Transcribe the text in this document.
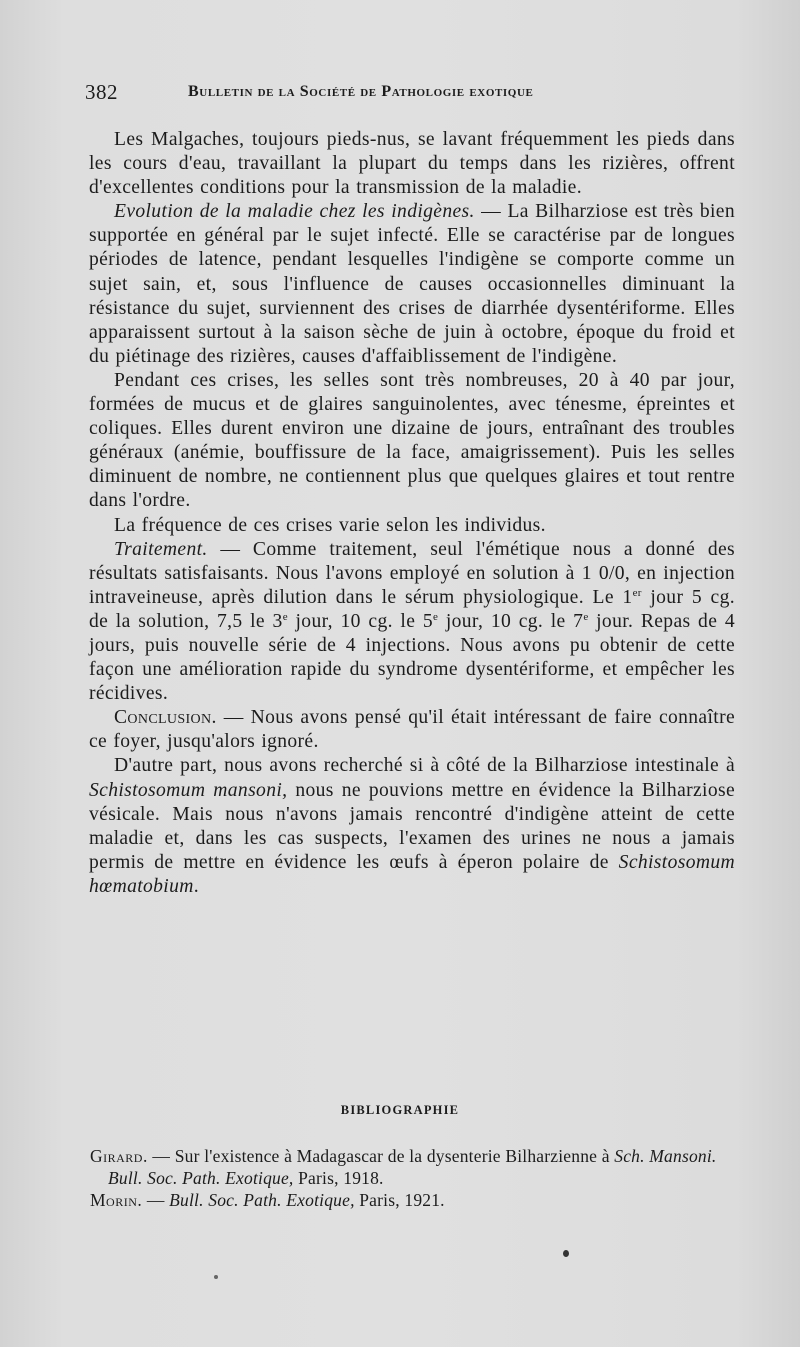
382	Bulletin de la Société de Pathologie exotique

Les Malgaches, toujours pieds-nus, se lavant fréquemment les pieds dans les cours d'eau, travaillant la plupart du temps dans les rizières, offrent d'excellentes conditions pour la transmission de la maladie.

Evolution de la maladie chez les indigènes. — La Bilharziose est très bien supportée en général par le sujet infecté. Elle se caractérise par de longues périodes de latence, pendant lesquelles l'indigène se comporte comme un sujet sain, et, sous l'influence de causes occasionnelles diminuant la résistance du sujet, surviennent des crises de diarrhée dysentériforme. Elles apparaissent surtout à la saison sèche de juin à octobre, époque du froid et du piétinage des rizières, causes d'affaiblissement de l'indigène.

Pendant ces crises, les selles sont très nombreuses, 20 à 40 par jour, formées de mucus et de glaires sanguinolentes, avec ténesme, épreintes et coliques. Elles durent environ une dizaine de jours, entraînant des troubles généraux (anémie, bouffissure de la face, amaigrissement). Puis les selles diminuent de nombre, ne contiennent plus que quelques glaires et tout rentre dans l'ordre.

La fréquence de ces crises varie selon les individus.

Traitement. — Comme traitement, seul l'émétique nous a donné des résultats satisfaisants. Nous l'avons employé en solution à 1 0/0, en injection intraveineuse, après dilution dans le sérum physiologique. Le 1er jour 5 cg. de la solution, 7,5 le 3e jour, 10 cg. le 5e jour, 10 cg. le 7e jour. Repas de 4 jours, puis nouvelle série de 4 injections. Nous avons pu obtenir de cette façon une amélioration rapide du syndrome dysentériforme, et empêcher les récidives.

Conclusion. — Nous avons pensé qu'il était intéressant de faire connaître ce foyer, jusqu'alors ignoré.

D'autre part, nous avons recherché si à côté de la Bilharziose intestinale à Schistosomum mansoni, nous ne pouvions mettre en évidence la Bilharziose vésicale. Mais nous n'avons jamais rencontré d'indigène atteint de cette maladie et, dans les cas suspects, l'examen des urines ne nous a jamais permis de mettre en évidence les œufs à éperon polaire de Schistosomum hœmatobium.

BIBLIOGRAPHIE

Girard. — Sur l'existence à Madagascar de la dysenterie Bilharzienne à Sch. Mansoni. Bull. Soc. Path. Exotique, Paris, 1918.

Morin. — Bull. Soc. Path. Exotique, Paris, 1921.
